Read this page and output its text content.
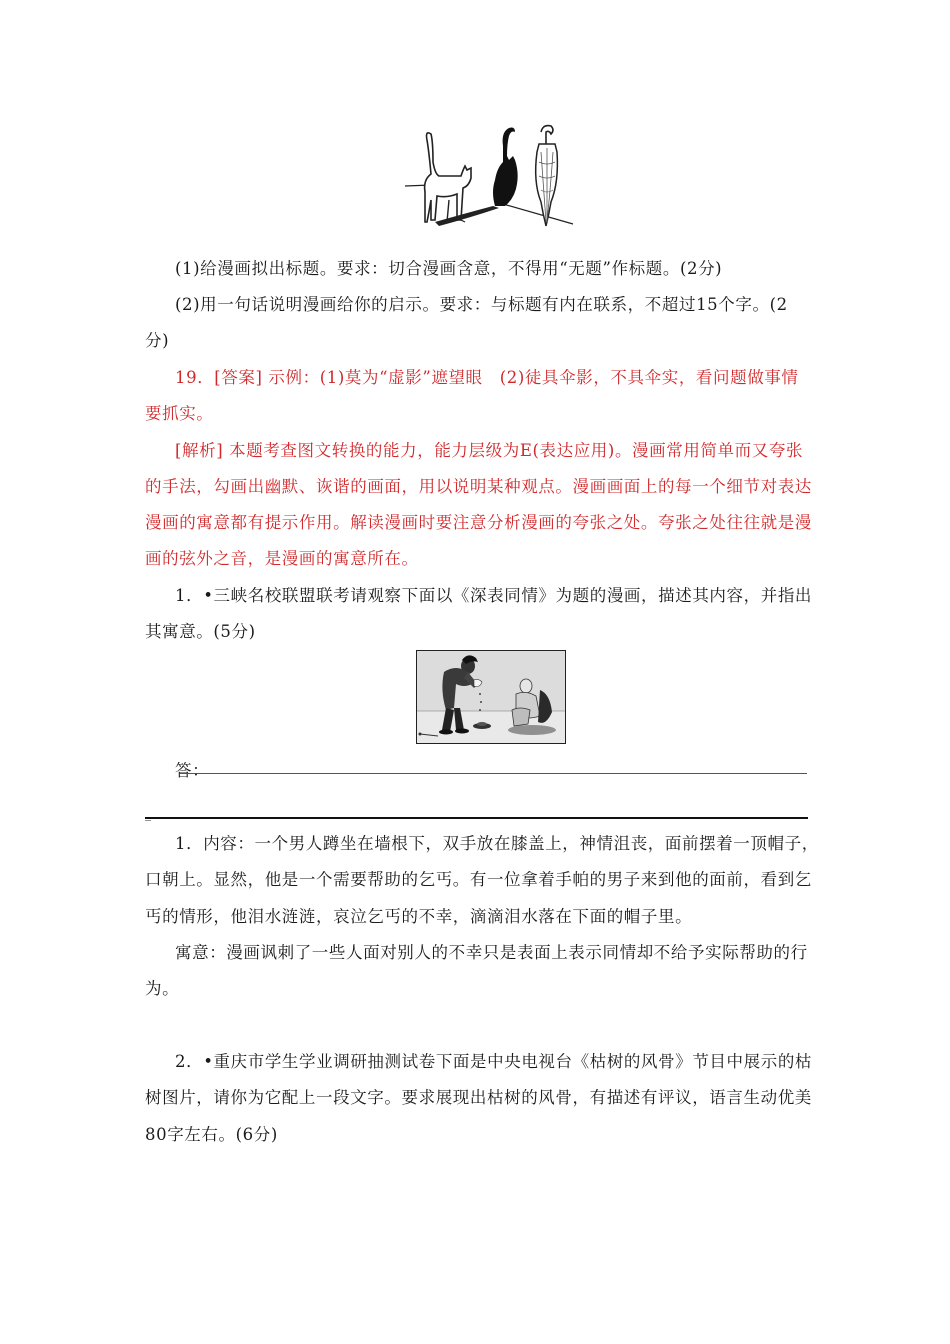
(1)给漫画拟出标题。要求：切合漫画含意，不得用“无题”作标题。(2分)
(2)用一句话说明漫画给你的启示。要求：与标题有内在联系，不超过15个字。(2
分)
19．[答案] 示例：(1)莫为“虚影”遮望眼　(2)徒具伞影，不具伞实，看问题做事情
要抓实。
[解析] 本题考查图文转换的能力，能力层级为E(表达应用)。漫画常用简单而又夸张
的手法，勾画出幽默、诙谐的画面，用以说明某种观点。漫画画面上的每一个细节对表达
漫画的寓意都有提示作用。解读漫画时要注意分析漫画的夸张之处。夸张之处往往就是漫
画的弦外之音，是漫画的寓意所在。
1．•三峡名校联盟联考请观察下面以《深表同情》为题的漫画，描述其内容，并指出
其寓意。(5分)
答：
_
1．内容：一个男人蹲坐在墙根下，双手放在膝盖上，神情沮丧，面前摆着一顶帽子，
口朝上。显然，他是一个需要帮助的乞丐。有一位拿着手帕的男子来到他的面前，看到乞
丐的情形，他泪水涟涟，哀泣乞丐的不幸，滴滴泪水落在下面的帽子里。
寓意：漫画讽刺了一些人面对别人的不幸只是表面上表示同情却不给予实际帮助的行
为。
2．•重庆市学生学业调研抽测试卷下面是中央电视台《枯树的风骨》节目中展示的枯
树图片，请你为它配上一段文字。要求展现出枯树的风骨，有描述有评议，语言生动优美
80字左右。(6分)
